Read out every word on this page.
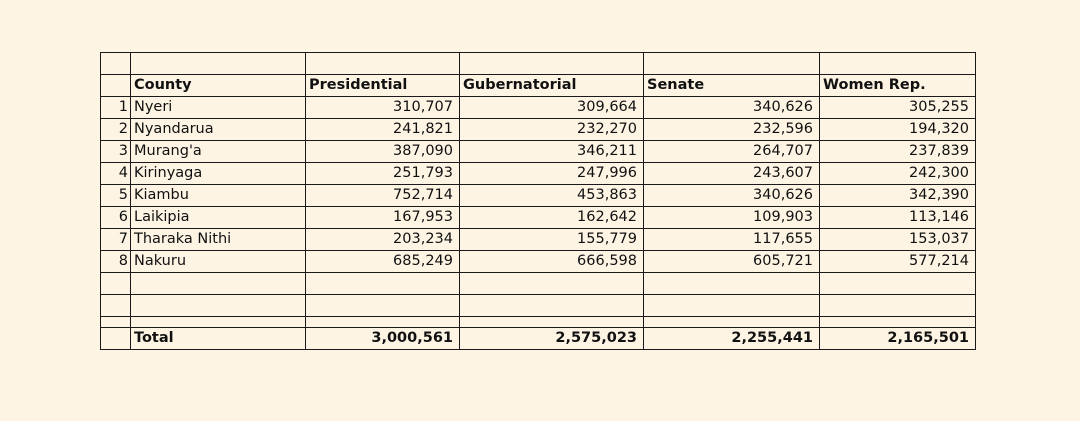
	County	Presidential	Gubernatorial	Senate	Women Rep.
1	Nyeri	310,707	309,664	340,626	305,255
2	Nyandarua	241,821	232,270	232,596	194,320
3	Murang'a	387,090	346,211	264,707	237,839
4	Kirinyaga	251,793	247,996	243,607	242,300
5	Kiambu	752,714	453,863	340,626	342,390
6	Laikipia	167,953	162,642	109,903	113,146
7	Tharaka Nithi	203,234	155,779	117,655	153,037
8	Nakuru	685,249	666,598	605,721	577,214

	Total	3,000,561	2,575,023	2,255,441	2,165,501
